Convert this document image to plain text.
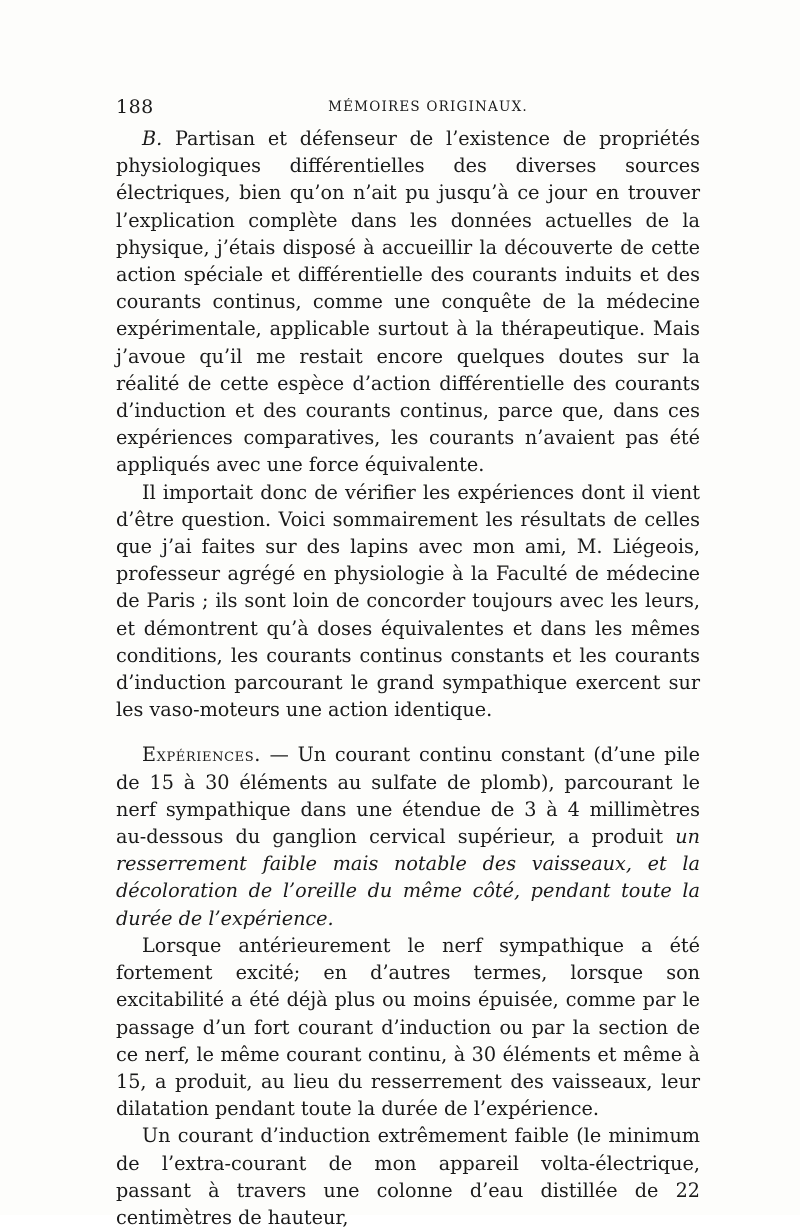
188	MÉMOIRES ORIGINAUX.

B. Partisan et défenseur de l’existence de propriétés physiologiques différentielles des diverses sources électriques, bien qu’on n’ait pu jusqu’à ce jour en trouver l’explication complète dans les données actuelles de la physique, j’étais disposé à accueillir la découverte de cette action spéciale et différentielle des courants induits et des courants continus, comme une conquête de la médecine expérimentale, applicable surtout à la thérapeutique. Mais j’avoue qu’il me restait encore quelques doutes sur la réalité de cette espèce d’action différentielle des courants d’induction et des courants continus, parce que, dans ces expériences comparatives, les courants n’avaient pas été appliqués avec une force équivalente.

Il importait donc de vérifier les expériences dont il vient d’être question. Voici sommairement les résultats de celles que j’ai faites sur des lapins avec mon ami, M. Liégeois, professeur agrégé en physiologie à la Faculté de médecine de Paris ; ils sont loin de concorder toujours avec les leurs, et démontrent qu’à doses équivalentes et dans les mêmes conditions, les courants continus constants et les courants d’induction parcourant le grand sympathique exercent sur les vaso-moteurs une action identique.

Expériences. — Un courant continu constant (d’une pile de 15 à 30 éléments au sulfate de plomb), parcourant le nerf sympathique dans une étendue de 3 à 4 millimètres au-dessous du ganglion cervical supérieur, a produit un resserrement faible mais notable des vaisseaux, et la décoloration de l’oreille du même côté, pendant toute la durée de l’expérience.

Lorsque antérieurement le nerf sympathique a été fortement excité; en d’autres termes, lorsque son excitabilité a été déjà plus ou moins épuisée, comme par le passage d’un fort courant d’induction ou par la section de ce nerf, le même courant continu, à 30 éléments et même à 15, a produit, au lieu du resserrement des vaisseaux, leur dilatation pendant toute la durée de l’expérience.

Un courant d’induction extrêmement faible (le minimum de l’extra-courant de mon appareil volta-électrique, passant à travers une colonne d’eau distillée de 22 centimètres de hauteur,
